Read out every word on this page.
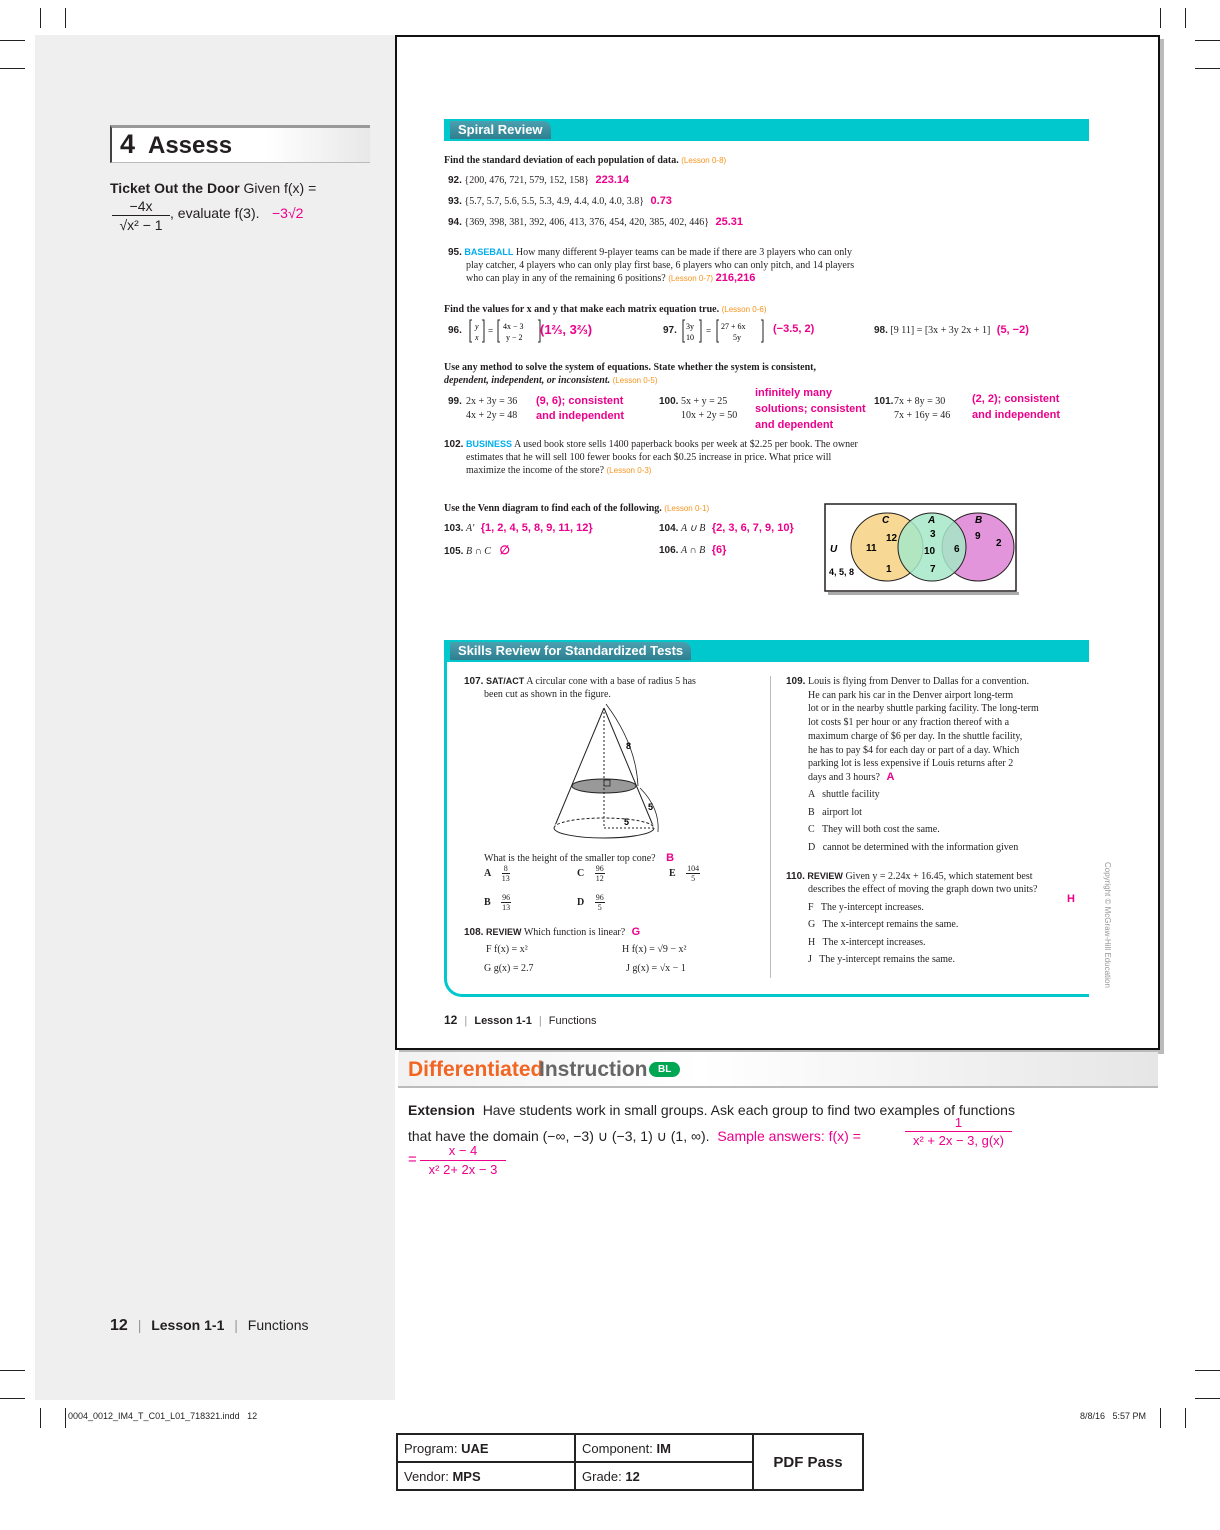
4 Assess
Ticket Out the Door Given f(x) =
$\frac{-4x}{\text{√x² − 1}}$ , evaluate f(3). −3√2
12 | Lesson 1-1 | Functions
Spiral Review
Find the standard deviation of each population of data. (Lesson 0-8)
92. {200, 476, 721, 579, 152, 158} 223.14
93. {5.7, 5.7, 5.6, 5.5, 5.3, 4.9, 4.4, 4.0, 4.0, 3.8} 0.73
94. {369, 398, 381, 392, 406, 413, 376, 454, 420, 385, 402, 446} 25.31
95. BASEBALL How many different 9-player teams can be made if there are 3 players who can only
play catcher, 4 players who can only play first base, 6 players who can only pitch, and 14 players
who can play in any of the remaining 6 positions? (Lesson 0-7) 216,216
Find the values for x and y that make each matrix equation true. (Lesson 0-6)
96. y
x
= 4x − 3
y − 2
(1⅔, 3⅔)	97. 3y
10
= 27 + 6x
5y
(−3.5, 2)	98. [9 11] = [3x + 3y 2x + 1] (5, −2)
Use any method to solve the system of equations. State whether the system is consistent,
dependent, independent, or inconsistent. (Lesson 0-5)
99. 2x + 3y = 36
4x + 2y = 48
(9, 6); consistent
and independent
100. 5x + y = 25
10x + 2y = 50
infinitely many
solutions; consistent
and dependent
101. 7x + 8y = 30
7x + 16y = 46
(2, 2); consistent
and independent
102. BUSINESS A used book store sells 1400 paperback books per week at $2.25 per book. The owner
estimates that he will sell 100 fewer books for each $0.25 increase in price. What price will
maximize the income of the store? (Lesson 0-3)
Use the Venn diagram to find each of the following. (Lesson 0-1)
103. A′ {1, 2, 4, 5, 8, 9, 11, 12}	104. A ∪ B {2, 3, 6, 7, 9, 10}
105. B ∩ C ∅	106. A ∩ B {6}
C	A	B
U
4, 5, 8
12
11
3
10 6
9
2
1	7
Skills Review for Standardized Tests
107. SAT/ACT A circular cone with a base of radius 5 has
been cut as shown in the figure.
8
5
5
What is the height of the smaller top cone? B
A $\frac{8}{13}$	C $\frac{96}{12}$	E $\frac{104}{5}$
B $\frac{96}{13}$	D $\frac{96}{5}$
108. REVIEW Which function is linear? G
F f(x) = x²	H f(x) = √9 − x²
G g(x) = 2.7	J g(x) = √x − 1
109. Louis is flying from Denver to Dallas for a convention.
He can park his car in the Denver airport long-term
lot or in the nearby shuttle parking facility. The long-term
lot costs $1 per hour or any fraction thereof with a
maximum charge of $6 per day. In the shuttle facility,
he has to pay $4 for each day or part of a day. Which
parking lot is less expensive if Louis returns after 2
days and 3 hours? A
A   shuttle facility
B   airport lot
C   They will both cost the same.
D   cannot be determined with the information given
110. REVIEW Given y = 2.24x + 16.45, which statement best
describes the effect of moving the graph down two units?
H
F   The y-intercept increases.
G   The x-intercept remains the same.
H   The x-intercept increases.
J   The y-intercept remains the same.	Copyright © McGraw-Hill Education
12 | Lesson 1-1 | Functions
Differentiated
Instruction	BL
Extension Have students work in small groups. Ask each group to find two examples of functions
that have the domain (−∞, −3) ∪ (−3, 1) ∪ (1, ∞). Sample answers: f(x) =
1
x² + 2x − 3, g(x)
=
x − 4
x² 2+ 2x − 3
0004_0012_IM4_T_C01_L01_718321.indd   12	8/8/16   5:57 PM
Program: UAE	Component: IM	PDF Pass
Vendor: MPS	Grade: 12	
